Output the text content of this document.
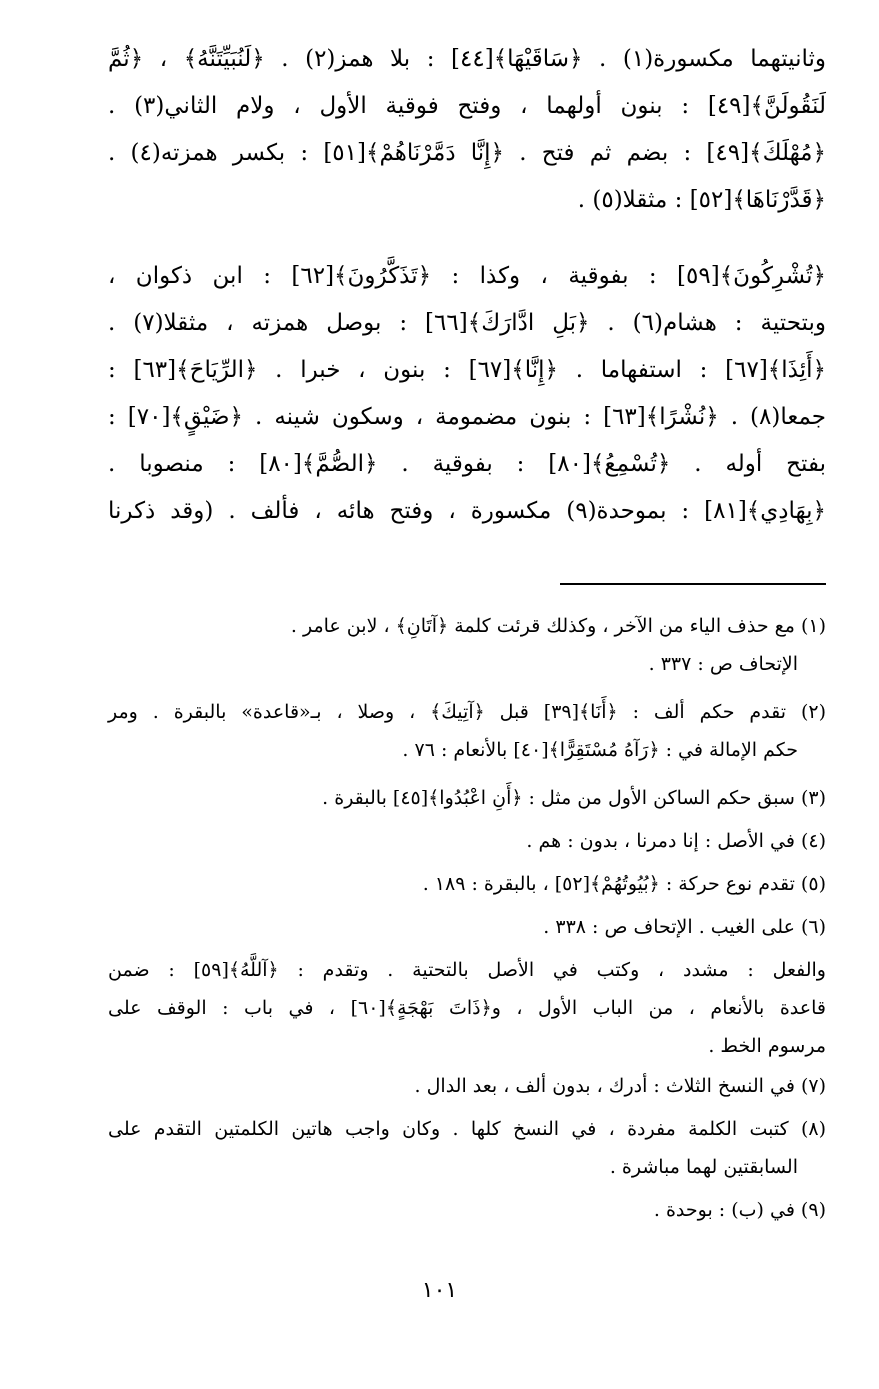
وثانيتهما مكسورة(١) . ﴿سَاقَيْهَا﴾[٤٤] : بلا همز(٢) . ﴿لَنُبَيِّتَنَّهُ﴾ ، ﴿ثُمَّ
لَنَقُولَنَّ﴾[٤٩] : بنون أولهما ، وفتح فوقية الأول ، ولام الثاني(٣) .
﴿مُهْلَكَ﴾[٤٩] : بضم ثم فتح . ﴿إِنَّا دَمَّرْنَاهُمْ﴾[٥١] : بكسر همزته(٤) .
﴿قَدَّرْنَاهَا﴾[٥٢] : مثقلا(٥) .
﴿تُشْرِكُونَ﴾[٥٩] : بفوقية ، وكذا : ﴿تَذَكَّرُونَ﴾[٦٢] : ابن ذكوان ،
وبتحتية : هشام(٦) . ﴿بَلِ ادَّارَكَ﴾[٦٦] : بوصل همزته ، مثقلا(٧) .
﴿أَئِذَا﴾[٦٧] : استفهاما . ﴿إِنَّا﴾[٦٧] : بنون ، خبرا . ﴿الرِّيَاحَ﴾[٦٣] :
جمعا(٨) . ﴿نُشْرًا﴾[٦٣] : بنون مضمومة ، وسكون شينه . ﴿ضَيْقٍ﴾[٧٠] :
بفتح أوله . ﴿تُسْمِعُ﴾[٨٠] : بفوقية . ﴿الصُّمَّ﴾[٨٠] : منصوبا .
﴿بِهَادِي﴾[٨١] : بموحدة(٩) مكسورة ، وفتح هائه ، فألف . (وقد ذكرنا
(١) مع حذف الياء من الآخر ، وكذلك قرئت كلمة ﴿آتَانِ﴾ ، لابن عامر .
الإتحاف ص : ٣٣٧ .
(٢) تقدم حكم ألف : ﴿أَنَا﴾[٣٩] قبل ﴿آتِيكَ﴾ ، وصلا ، بـ«قاعدة» بالبقرة . ومر
حكم الإمالة في : ﴿رَآهُ مُسْتَقِرًّا﴾[٤٠] بالأنعام : ٧٦ .
(٣) سبق حكم الساكن الأول من مثل : ﴿أَنِ اعْبُدُوا﴾[٤٥] بالبقرة .
(٤) في الأصل : إنا دمرنا ، بدون : هم .
(٥) تقدم نوع حركة : ﴿بُيُوتُهُمْ﴾[٥٢] ، بالبقرة : ١٨٩ .
(٦) على الغيب . الإتحاف ص : ٣٣٨ .
والفعل : مشدد ، وكتب في الأصل بالتحتية . وتقدم : ﴿آللَّهُ﴾[٥٩] : ضمن
قاعدة بالأنعام ، من الباب الأول ، و﴿ذَاتَ بَهْجَةٍ﴾[٦٠] ، في باب : الوقف على
مرسوم الخط .
(٧) في النسخ الثلاث : أدرك ، بدون ألف ، بعد الدال .
(٨) كتبت الكلمة مفردة ، في النسخ كلها . وكان واجب هاتين الكلمتين التقدم على
السابقتين لهما مباشرة .
(٩) في (ب) : بوحدة .
١٠١
